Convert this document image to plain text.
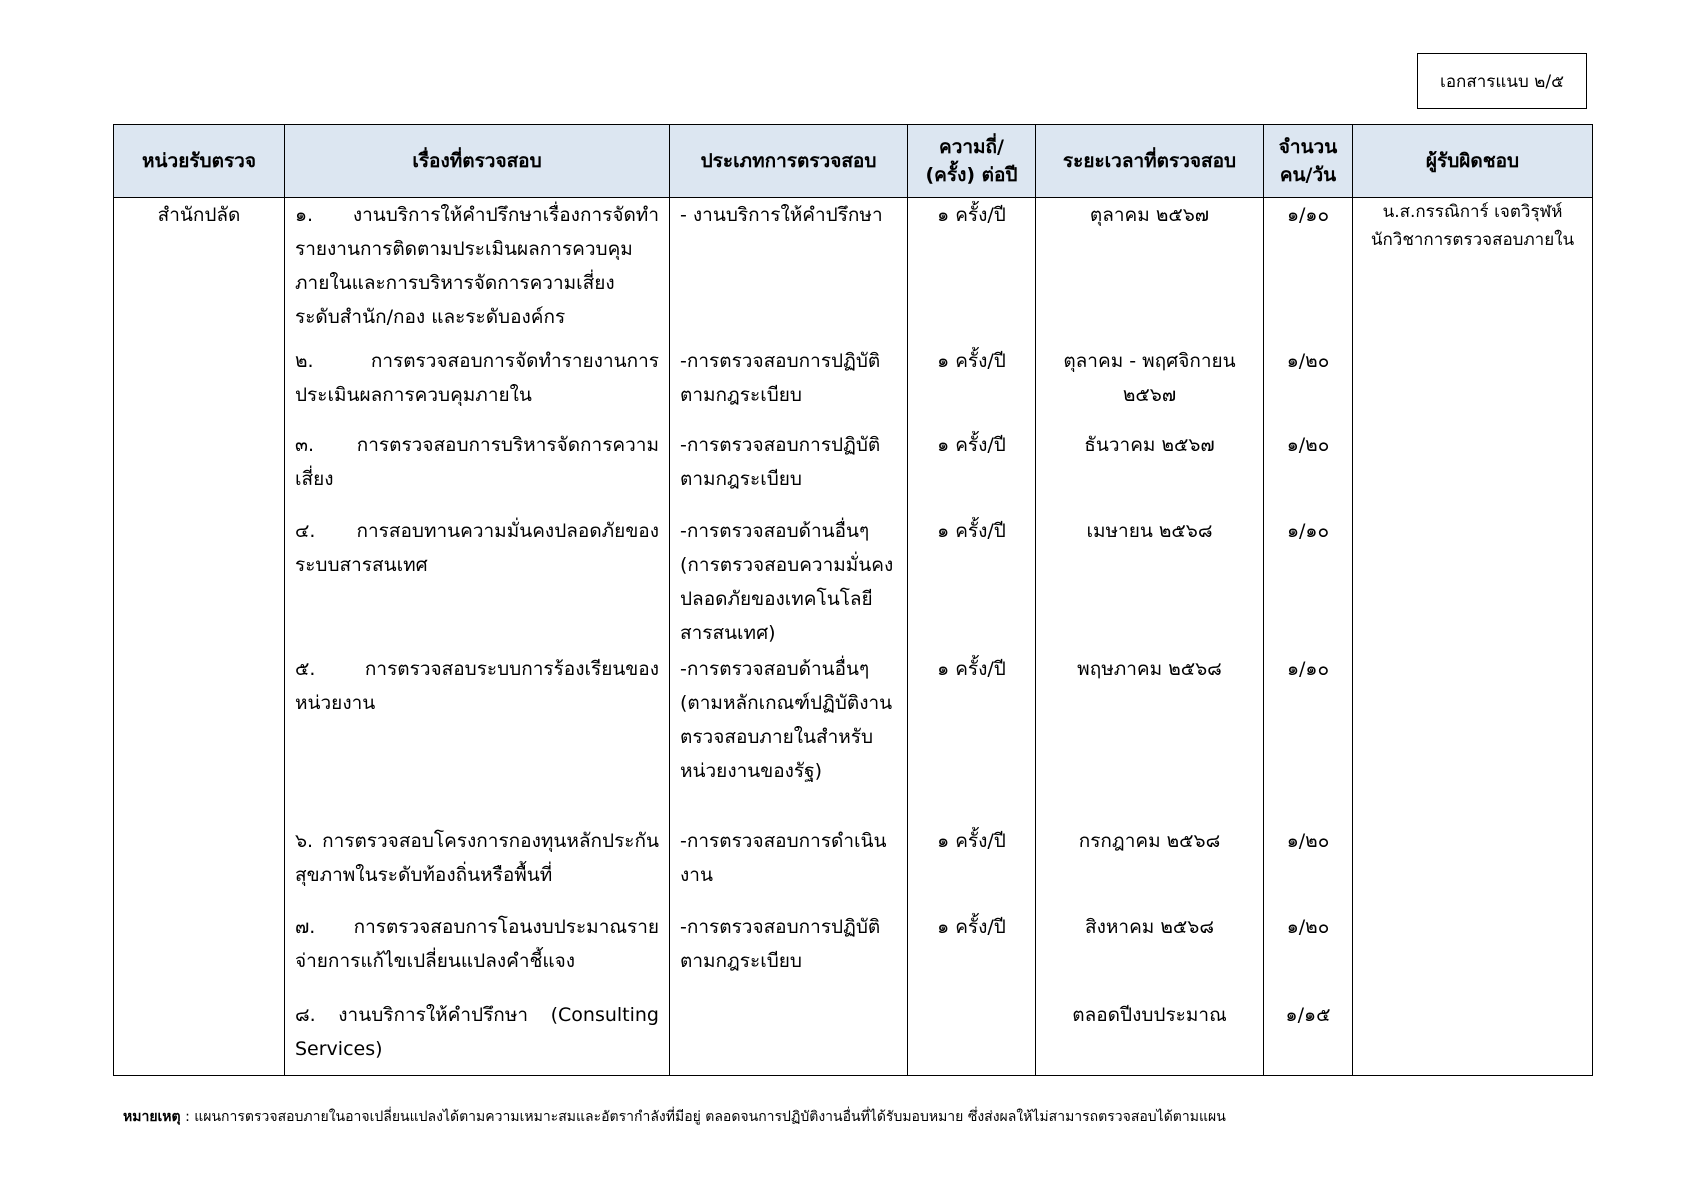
เอกสารแนบ ๒/๕
หน่วยรับตรวจ	เรื่องที่ตรวจสอบ	ประเภทการตรวจสอบ	ความถี่/
(ครั้ง) ต่อปี	ระยะเวลาที่ตรวจสอบ	จำนวน
คน/วัน	ผู้รับผิดชอบ
สำนักปลัด	๑. งานบริการให้คำปรึกษาเรื่องการจัดทำรายงานการติดตามประเมินผลการควบคุมภายในและการบริหารจัดการความเสี่ยงระดับสำนัก/กอง และระดับองค์กร	- งานบริการให้คำปรึกษา	๑ ครั้ง/ปี	ตุลาคม ๒๕๖๗	๑/๑๐	น.ส.กรรณิการ์ เจตวิรุฬห์
นักวิชาการตรวจสอบภายใน
	๒. การตรวจสอบการจัดทำรายงานการประเมินผลการควบคุมภายใน	-การตรวจสอบการปฏิบัติตามกฎระเบียบ	๑ ครั้ง/ปี	ตุลาคม - พฤศจิกายน ๒๕๖๗	๑/๒๐	
	๓. การตรวจสอบการบริหารจัดการความเสี่ยง	-การตรวจสอบการปฏิบัติตามกฎระเบียบ	๑ ครั้ง/ปี	ธันวาคม ๒๕๖๗	๑/๒๐	
	๔. การสอบทานความมั่นคงปลอดภัยของระบบสารสนเทศ	-การตรวจสอบด้านอื่นๆ (การตรวจสอบความมั่นคงปลอดภัยของเทคโนโลยีสารสนเทศ)	๑ ครั้ง/ปี	เมษายน ๒๕๖๘	๑/๑๐	
	๕. การตรวจสอบระบบการร้องเรียนของหน่วยงาน	-การตรวจสอบด้านอื่นๆ (ตามหลักเกณฑ์ปฏิบัติงานตรวจสอบภายในสำหรับหน่วยงานของรัฐ)	๑ ครั้ง/ปี	พฤษภาคม ๒๕๖๘	๑/๑๐	
	๖. การตรวจสอบโครงการกองทุนหลักประกันสุขภาพในระดับท้องถิ่นหรือพื้นที่	-การตรวจสอบการดำเนินงาน	๑ ครั้ง/ปี	กรกฎาคม ๒๕๖๘	๑/๒๐	
	๗. การตรวจสอบการโอนงบประมาณรายจ่ายการแก้ไขเปลี่ยนแปลงคำชี้แจง	-การตรวจสอบการปฏิบัติตามกฎระเบียบ	๑ ครั้ง/ปี	สิงหาคม ๒๕๖๘	๑/๒๐	
	๘. งานบริการให้คำปรึกษา (Consulting Services)			ตลอดปีงบประมาณ	๑/๑๕	
หมายเหตุ : แผนการตรวจสอบภายในอาจเปลี่ยนแปลงได้ตามความเหมาะสมและอัตรากำลังที่มีอยู่ ตลอดจนการปฏิบัติงานอื่นที่ได้รับมอบหมาย ซึ่งส่งผลให้ไม่สามารถตรวจสอบได้ตามแผน
